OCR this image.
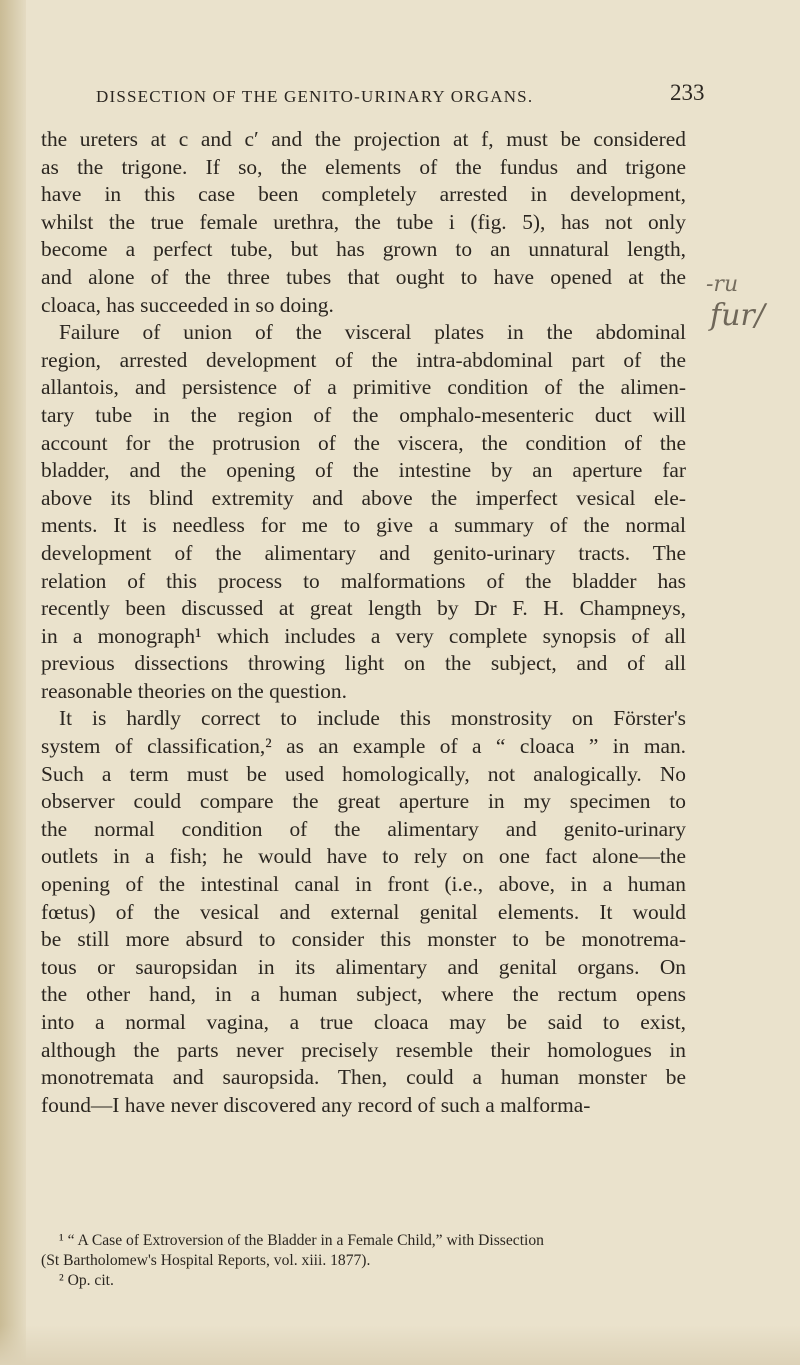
DISSECTION OF THE GENITO-URINARY ORGANS.	233
-ru
fur/
the ureters at c and c′ and the projection at f, must be considered
as the trigone. If so, the elements of the fundus and trigone
have in this case been completely arrested in development,
whilst the true female urethra, the tube i (fig. 5), has not only
become a perfect tube, but has grown to an unnatural length,
and alone of the three tubes that ought to have opened at the
cloaca, has succeeded in so doing.
Failure of union of the visceral plates in the abdominal
region, arrested development of the intra-abdominal part of the
allantois, and persistence of a primitive condition of the alimen-
tary tube in the region of the omphalo-mesenteric duct will
account for the protrusion of the viscera, the condition of the
bladder, and the opening of the intestine by an aperture far
above its blind extremity and above the imperfect vesical ele-
ments. It is needless for me to give a summary of the normal
development of the alimentary and genito-urinary tracts. The
relation of this process to malformations of the bladder has
recently been discussed at great length by Dr F. H. Champneys,
in a monograph¹ which includes a very complete synopsis of all
previous dissections throwing light on the subject, and of all
reasonable theories on the question.
It is hardly correct to include this monstrosity on Förster's
system of classification,² as an example of a “ cloaca ” in man.
Such a term must be used homologically, not analogically. No
observer could compare the great aperture in my specimen to
the normal condition of the alimentary and genito-urinary
outlets in a fish; he would have to rely on one fact alone—the
opening of the intestinal canal in front (i.e., above, in a human
fœtus) of the vesical and external genital elements. It would
be still more absurd to consider this monster to be monotrema-
tous or sauropsidan in its alimentary and genital organs. On
the other hand, in a human subject, where the rectum opens
into a normal vagina, a true cloaca may be said to exist,
although the parts never precisely resemble their homologues in
monotremata and sauropsida. Then, could a human monster be
found—I have never discovered any record of such a malforma-
¹ “ A Case of Extroversion of the Bladder in a Female Child,” with Dissection
(St Bartholomew's Hospital Reports, vol. xiii. 1877).
² Op. cit.
